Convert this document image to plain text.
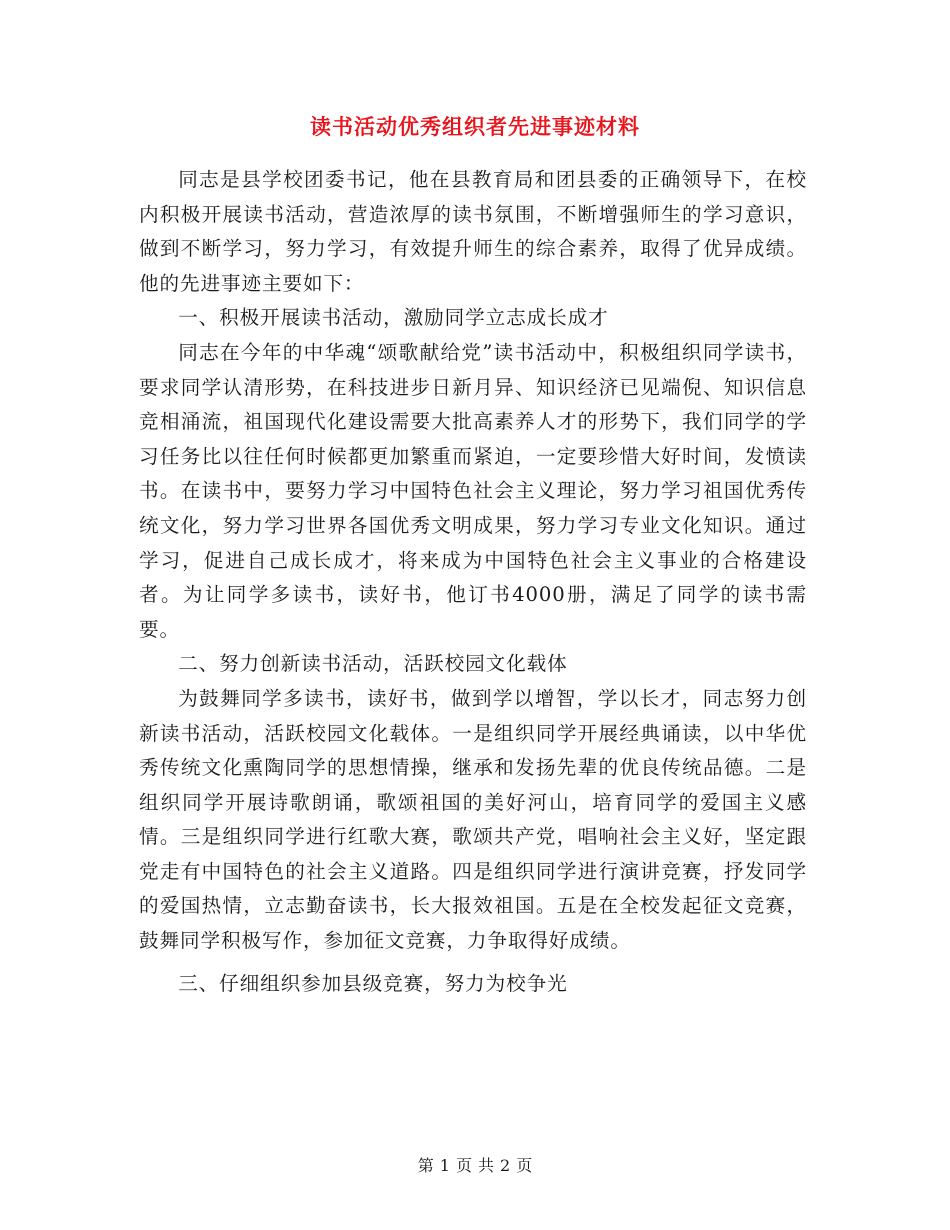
读书活动优秀组织者先进事迹材料

同志是县学校团委书记，他在县教育局和团县委的正确领导下，在校内积极开展读书活动，营造浓厚的读书氛围，不断增强师生的学习意识，做到不断学习，努力学习，有效提升师生的综合素养，取得了优异成绩。他的先进事迹主要如下：

一、积极开展读书活动，激励同学立志成长成才

同志在今年的中华魂“颂歌献给党”读书活动中，积极组织同学读书，要求同学认清形势，在科技进步日新月异、知识经济已见端倪、知识信息竞相涌流，祖国现代化建设需要大批高素养人才的形势下，我们同学的学习任务比以往任何时候都更加繁重而紧迫，一定要珍惜大好时间，发愤读书。在读书中，要努力学习中国特色社会主义理论，努力学习祖国优秀传统文化，努力学习世界各国优秀文明成果，努力学习专业文化知识。通过学习，促进自己成长成才，将来成为中国特色社会主义事业的合格建设者。为让同学多读书，读好书，他订书4000册，满足了同学的读书需要。

二、努力创新读书活动，活跃校园文化载体

为鼓舞同学多读书，读好书，做到学以增智，学以长才，同志努力创新读书活动，活跃校园文化载体。一是组织同学开展经典诵读，以中华优秀传统文化熏陶同学的思想情操，继承和发扬先辈的优良传统品德。二是组织同学开展诗歌朗诵，歌颂祖国的美好河山，培育同学的爱国主义感情。三是组织同学进行红歌大赛，歌颂共产党，唱响社会主义好，坚定跟党走有中国特色的社会主义道路。四是组织同学进行演讲竞赛，抒发同学的爱国热情，立志勤奋读书，长大报效祖国。五是在全校发起征文竞赛，鼓舞同学积极写作，参加征文竞赛，力争取得好成绩。

三、仔细组织参加县级竞赛，努力为校争光

第 1 页 共 2 页
